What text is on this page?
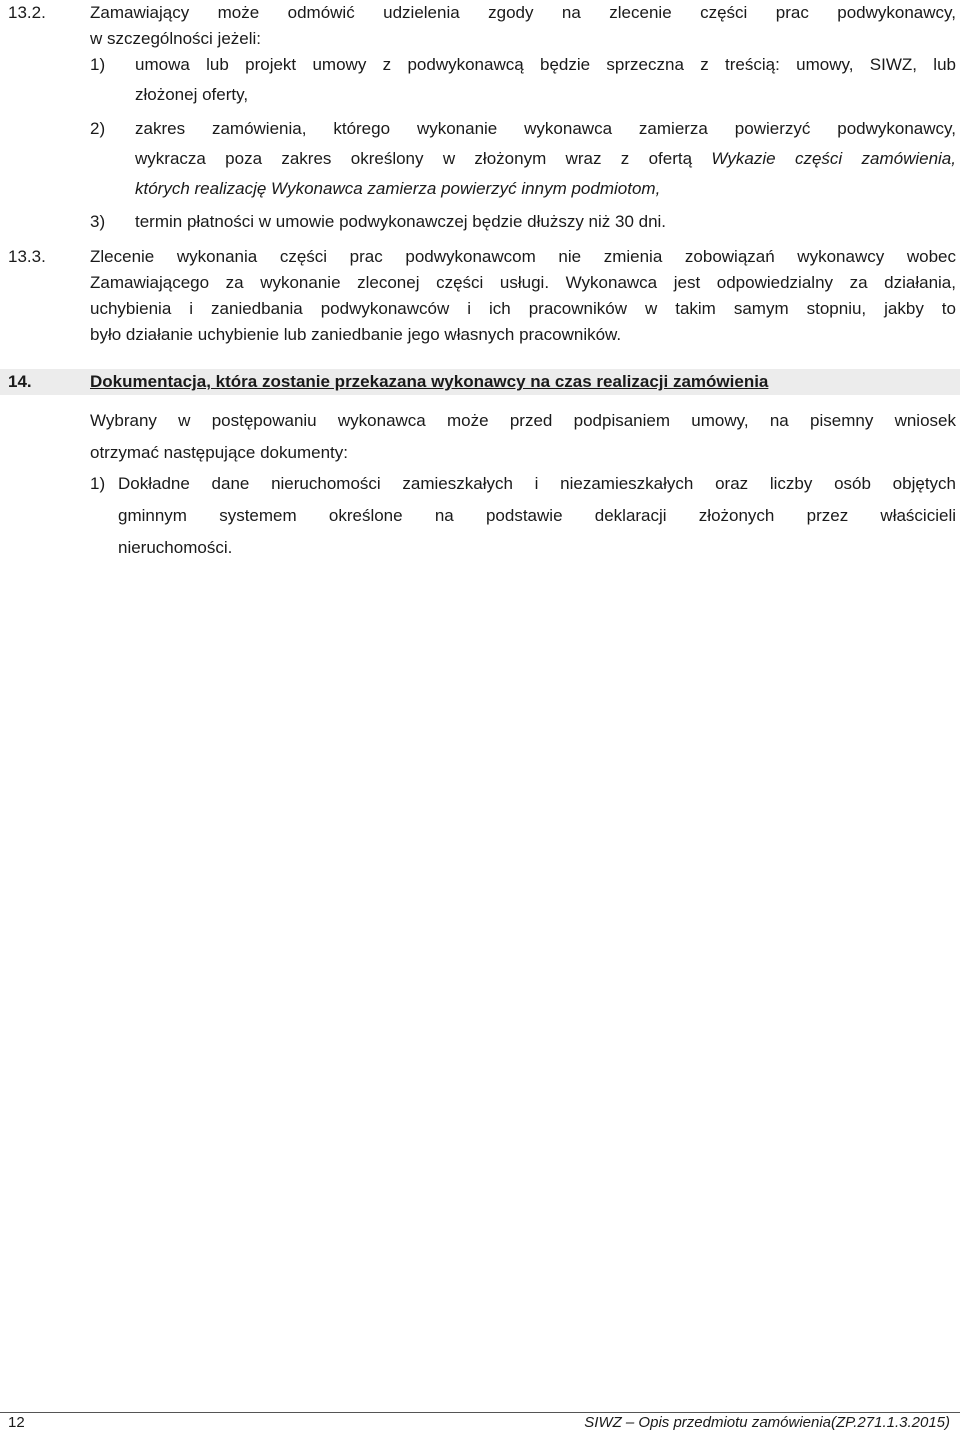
13.2.	Zamawiający może odmówić udzielenia zgody na zlecenie części prac podwykonawcy,
w szczególności jeżeli:
1) umowa lub projekt umowy z podwykonawcą będzie sprzeczna z treścią: umowy, SIWZ, lub
złożonej oferty,
2) zakres zamówienia, którego wykonanie wykonawca zamierza powierzyć podwykonawcy,
wykracza poza zakres określony w złożonym wraz z ofertą Wykazie części zamówienia,
których realizację Wykonawca zamierza powierzyć innym podmiotom,
3) termin płatności w umowie podwykonawczej będzie dłuższy niż 30 dni.
13.3.	Zlecenie wykonania części prac podwykonawcom nie zmienia zobowiązań wykonawcy wobec
Zamawiającego za wykonanie zleconej części usługi. Wykonawca jest odpowiedzialny za działania,
uchybienia i zaniedbania podwykonawców i ich pracowników w takim samym stopniu, jakby to
było działanie uchybienie lub zaniedbanie jego własnych pracowników.
14.	Dokumentacja, która zostanie przekazana wykonawcy na czas realizacji zamówienia
Wybrany w postępowaniu wykonawca może przed podpisaniem umowy, na pisemny wniosek
otrzymać następujące dokumenty:
1) Dokładne dane nieruchomości zamieszkałych i niezamieszkałych oraz liczby osób objętych
gminnym systemem określone na podstawie deklaracji złożonych przez właścicieli
nieruchomości.
12	SIWZ – Opis przedmiotu zamówienia(ZP.271.1.3.2015)
